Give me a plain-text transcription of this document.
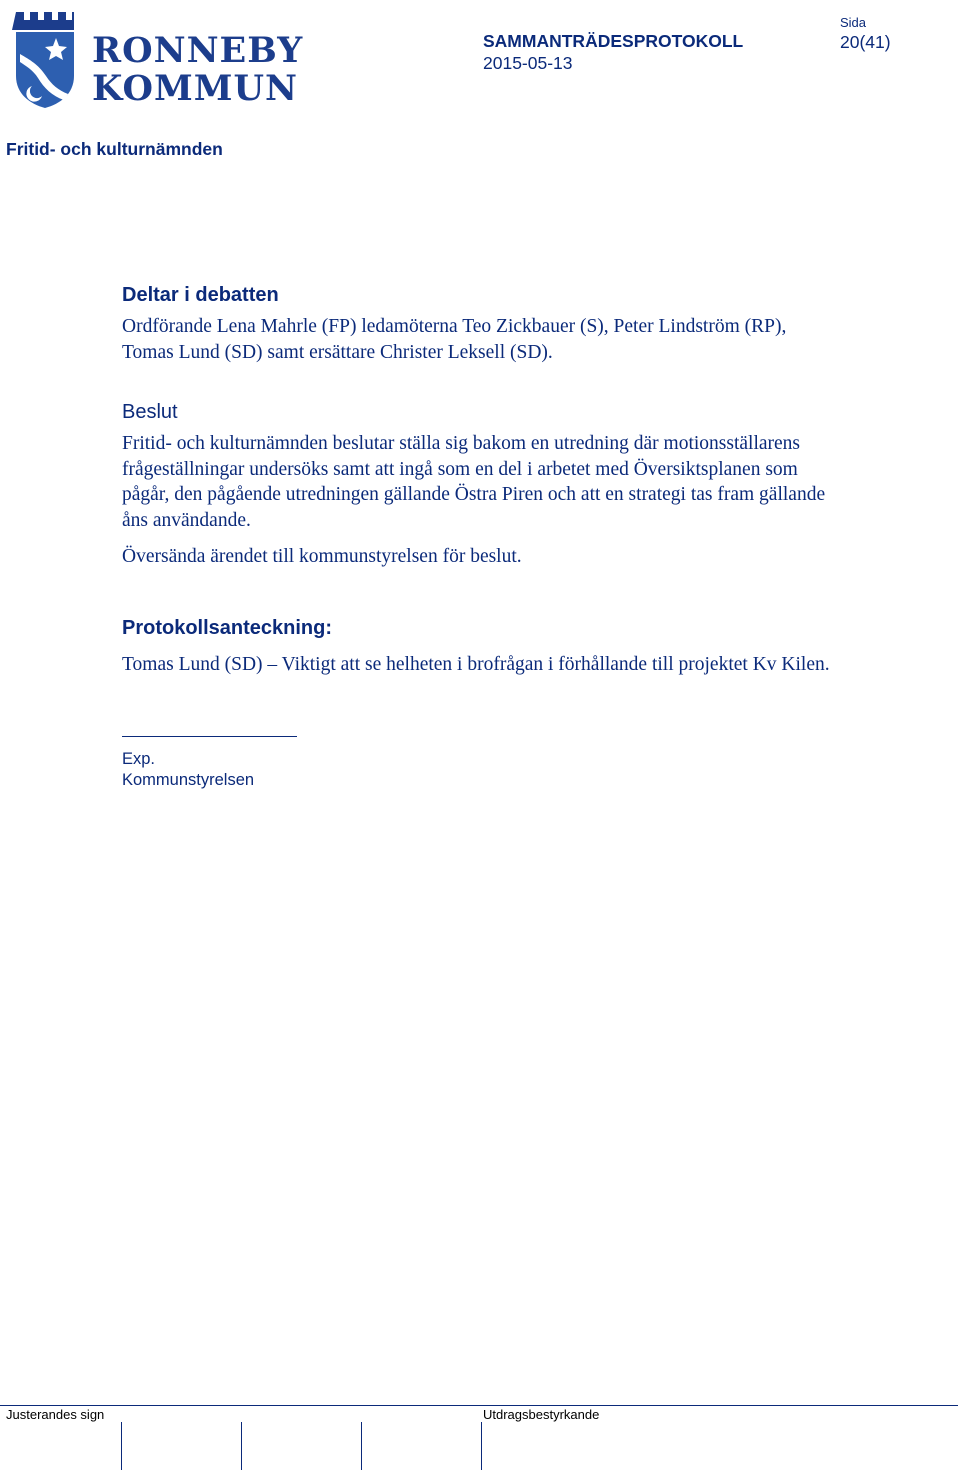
RONNEBY
KOMMUN
SAMMANTRÄDESPROTOKOLL
2015-05-13
Sida
20(41)
Fritid- och kulturnämnden
Deltar i debatten
Ordförande Lena Mahrle (FP) ledamöterna Teo Zickbauer (S), Peter Lindström (RP), Tomas Lund (SD) samt ersättare Christer Leksell (SD).
Beslut
Fritid- och kulturnämnden beslutar ställa sig bakom en utredning där motionsställarens frågeställningar undersöks samt att ingå som en del i arbetet med Översiktsplanen som pågår, den pågående utredningen gällande Östra Piren och att en strategi tas fram gällande åns användande.
Översända ärendet till kommunstyrelsen för beslut.
Protokollsanteckning:
Tomas Lund (SD) – Viktigt att se helheten i brofrågan i förhållande till projektet Kv Kilen.
Exp.
Kommunstyrelsen
Justerandes sign	Utdragsbestyrkande
